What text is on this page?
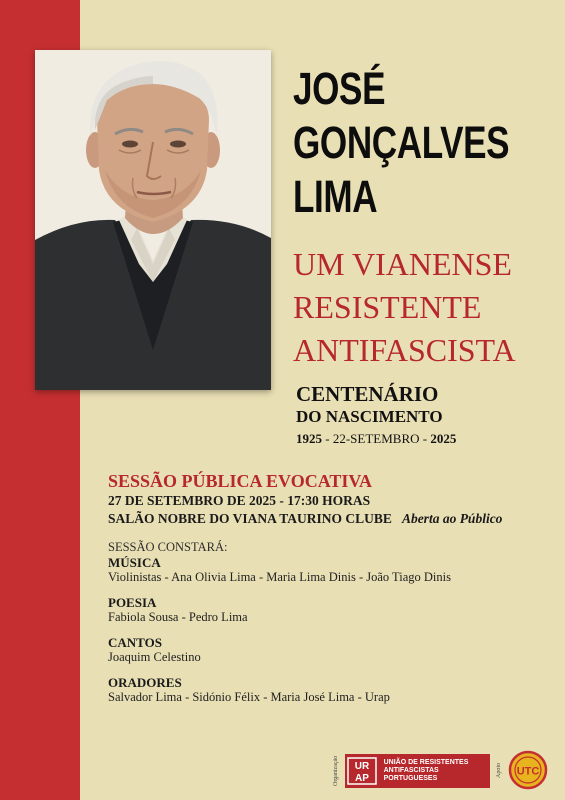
JOSÉ
GONÇALVES
LIMA
UM VIANENSE
RESISTENTE
ANTIFASCISTA
CENTENÁRIO
DO NASCIMENTO
1925 - 22-SETEMBRO - 2025
SESSÃO PÚBLICA EVOCATIVA
27 DE SETEMBRO DE 2025 - 17:30 HORAS
SALÃO NOBRE DO VIANA TAURINO CLUBE Aberta ao Público
SESSÃO CONSTARÁ:
MÚSICA
Violinistas - Ana Olivia Lima - Maria Lima Dinis - João Tiago Dinis
POESIA
Fabiola Sousa - Pedro Lima
CANTOS
Joaquim Celestino
ORADORES
Salvador Lima - Sidónio Félix - Maria José Lima - Urap
Organização	UR
AP
UNIÃO DE RESISTENTES
ANTIFASCISTAS PORTUGUESES	Apoio	UTC
